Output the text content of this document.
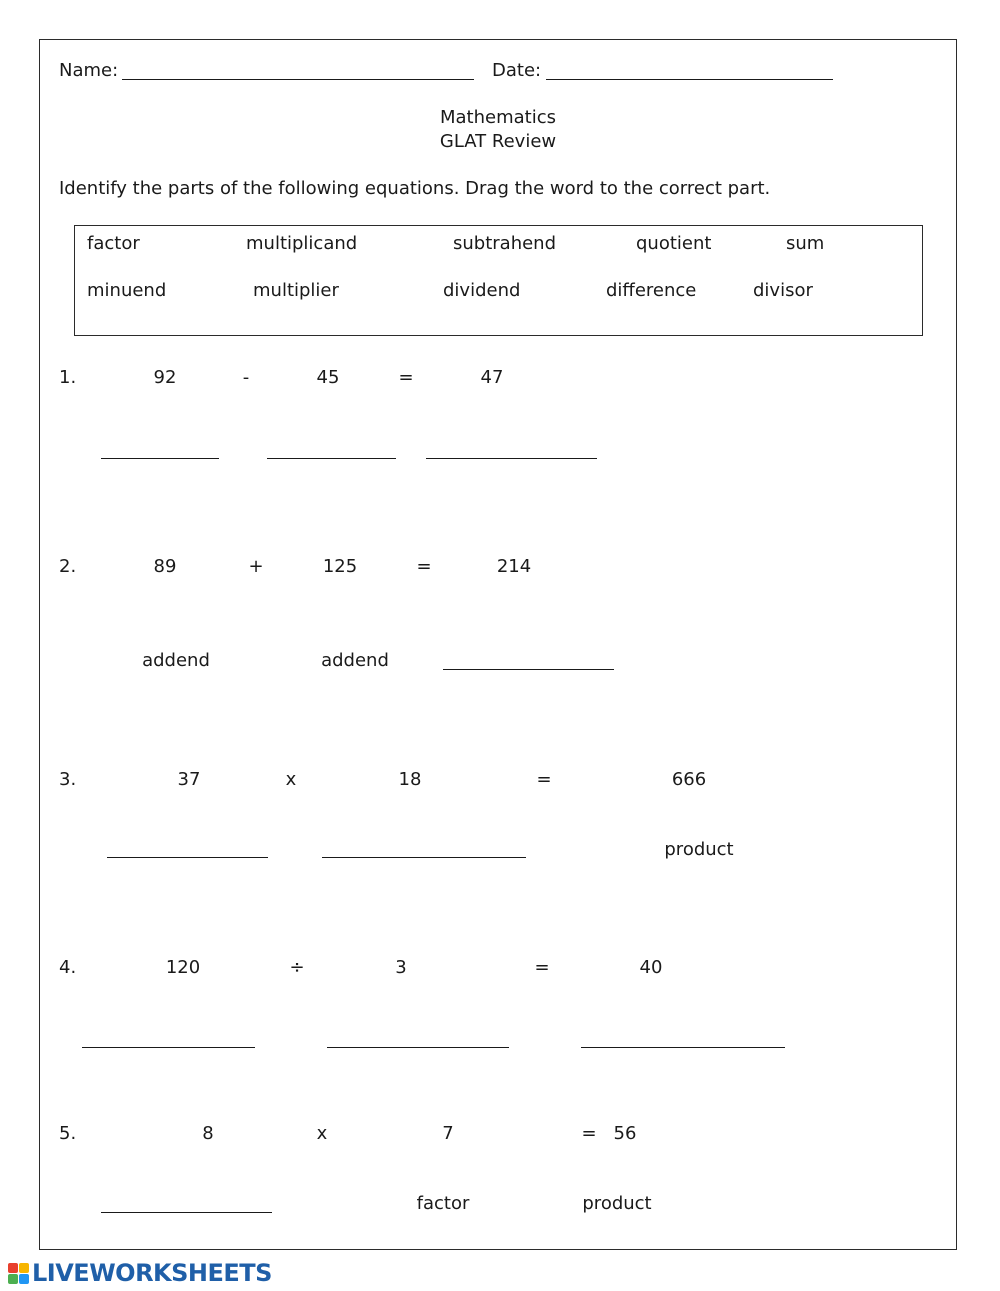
Name:	Date:
Mathematics
GLAT Review
Identify the parts of the following equations. Drag the word to the correct part.
factor	multiplicand	subtrahend	quotient	sum
minuend	multiplier	dividend	difference	divisor
1.	92	-	45	=	47
2.	89	+	125	=	214
addend	addend
3.	37	x	18	=	666
product
4.	120	÷	3	=	40
5.	8	x	7	= 56
factor	product
LIVEWORKSHEETS
